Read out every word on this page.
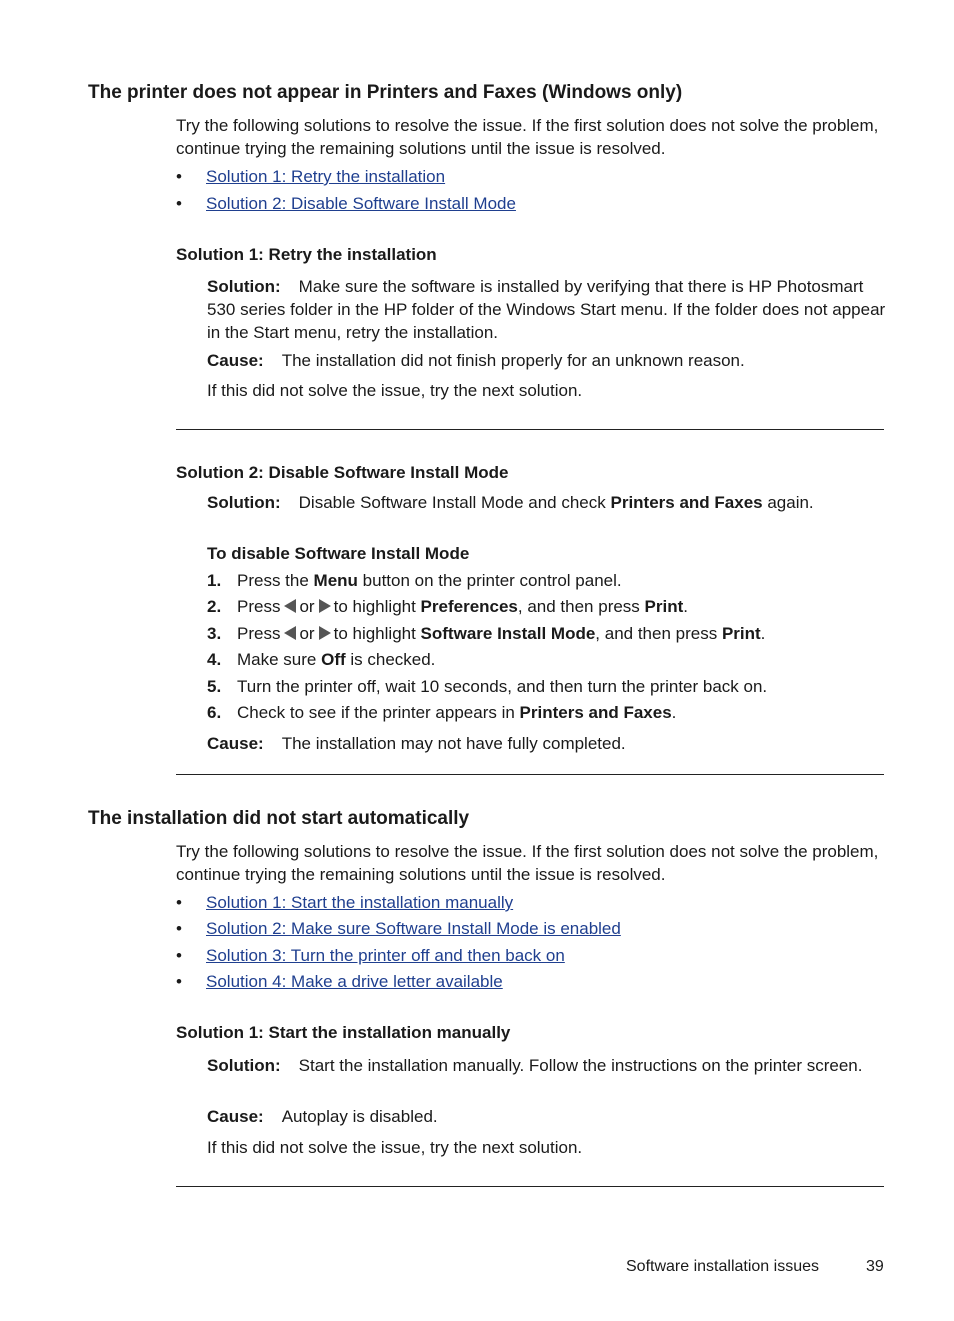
The printer does not appear in Printers and Faxes (Windows only)
Try the following solutions to resolve the issue. If the first solution does not solve the problem, continue trying the remaining solutions until the issue is resolved.
• Solution 1: Retry the installation
• Solution 2: Disable Software Install Mode
Solution 1: Retry the installation
Solution: Make sure the software is installed by verifying that there is HP Photosmart 530 series folder in the HP folder of the Windows Start menu. If the folder does not appear in the Start menu, retry the installation.
Cause: The installation did not finish properly for an unknown reason.
If this did not solve the issue, try the next solution.
Solution 2: Disable Software Install Mode
Solution: Disable Software Install Mode and check Printers and Faxes again.
To disable Software Install Mode
1. Press the Menu button on the printer control panel.
2. Press or to highlight Preferences, and then press Print.
3. Press or to highlight Software Install Mode, and then press Print.
4. Make sure Off is checked.
5. Turn the printer off, wait 10 seconds, and then turn the printer back on.
6. Check to see if the printer appears in Printers and Faxes.
Cause: The installation may not have fully completed.
The installation did not start automatically
Try the following solutions to resolve the issue. If the first solution does not solve the problem, continue trying the remaining solutions until the issue is resolved.
• Solution 1: Start the installation manually
• Solution 2: Make sure Software Install Mode is enabled
• Solution 3: Turn the printer off and then back on
• Solution 4: Make a drive letter available
Solution 1: Start the installation manually
Solution: Start the installation manually. Follow the instructions on the printer screen.
Cause: Autoplay is disabled.
If this did not solve the issue, try the next solution.
Software installation issues	39
